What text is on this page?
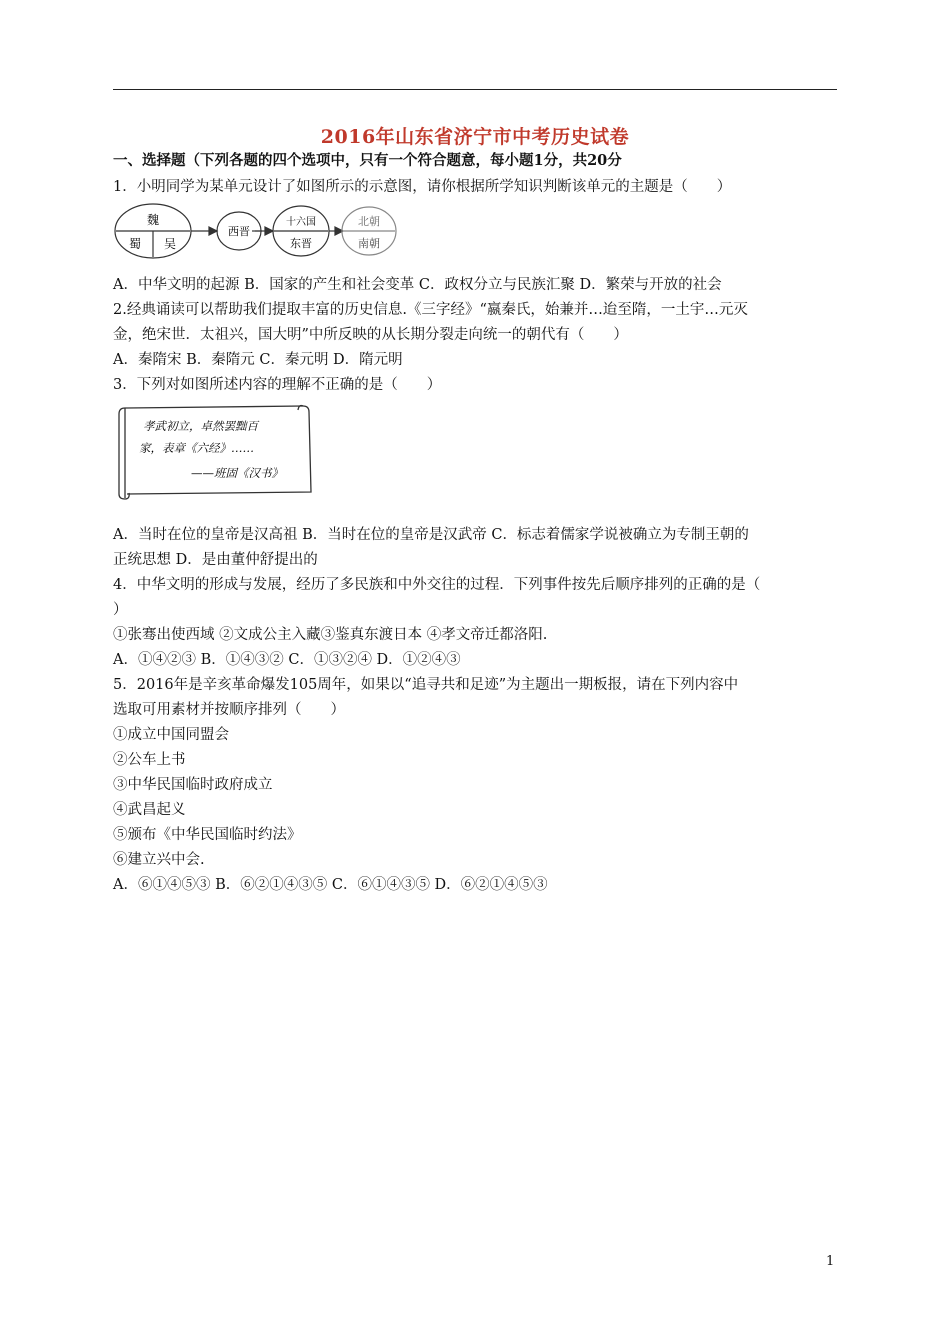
2016年山东省济宁市中考历史试卷
一、选择题（下列各题的四个选项中，只有一个符合题意，每小题1分，共20分
1．小明同学为某单元设计了如图所示的示意图，请你根据所学知识判断该单元的主题是（　　）
魏
蜀 吴
西晋
十六国
东晋
北朝
南朝
A．中华文明的起源 B．国家的产生和社会变革 C．政权分立与民族汇聚 D．繁荣与开放的社会
2.经典诵读可以帮助我们提取丰富的历史信息.《三字经》“嬴秦氏，始兼并…迨至隋，一土宇…元灭
金，绝宋世．太祖兴，国大明”中所反映的从长期分裂走向统一的朝代有（　　）
A．秦隋宋 B．秦隋元 C．秦元明 D．隋元明
3．下列对如图所述内容的理解不正确的是（　　）
孝武初立，卓然罢黜百
家，表章《六经》……
——班固《汉书》
A．当时在位的皇帝是汉高祖 B．当时在位的皇帝是汉武帝 C．标志着儒家学说被确立为专制王朝的
正统思想 D．是由董仲舒提出的
4．中华文明的形成与发展，经历了多民族和中外交往的过程．下列事件按先后顺序排列的正确的是（
）
①张骞出使西域 ②文成公主入藏③鉴真东渡日本 ④孝文帝迁都洛阳.
A．①④②③ B．①④③② C．①③②④ D．①②④③
5．2016年是辛亥革命爆发105周年，如果以“追寻共和足迹”为主题出一期板报，请在下列内容中
选取可用素材并按顺序排列（　　）
①成立中国同盟会
②公车上书
③中华民国临时政府成立
④武昌起义
⑤颁布《中华民国临时约法》
⑥建立兴中会.
A．⑥①④⑤③ B．⑥②①④③⑤ C．⑥①④③⑤ D．⑥②①④⑤③
1
